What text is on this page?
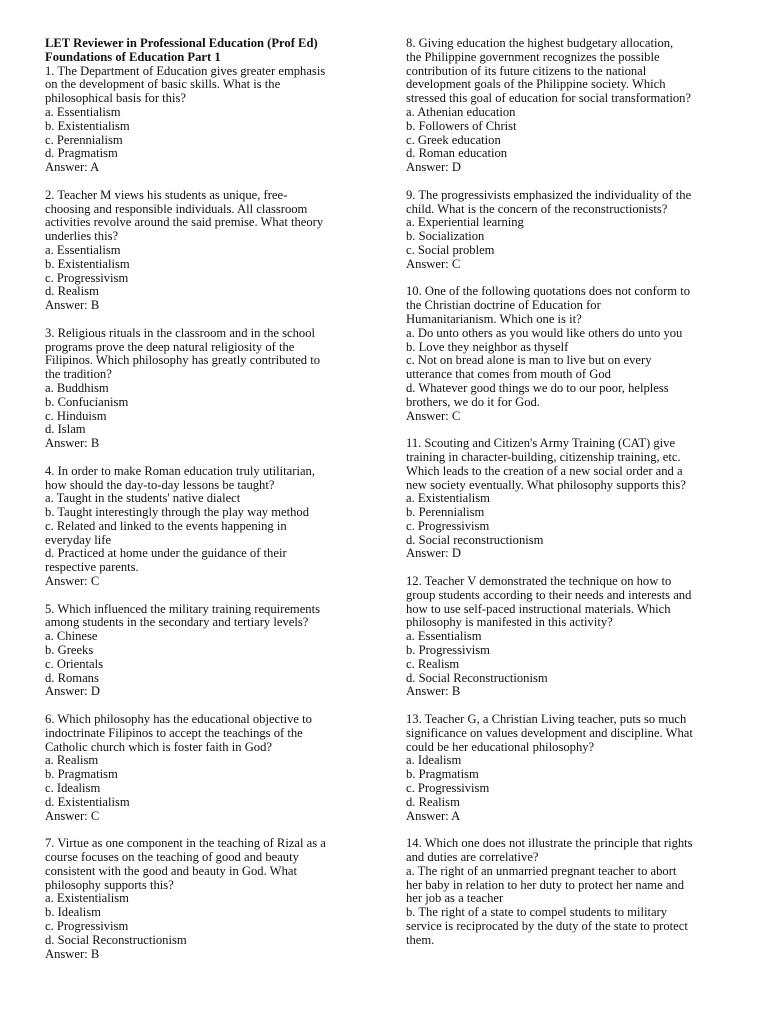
LET Reviewer in Professional Education (Prof Ed)
Foundations of Education Part 1
1. The Department of Education gives greater emphasis
on the development of basic skills. What is the
philosophical basis for this?
a. Essentialism
b. Existentialism
c. Perennialism
d. Pragmatism
Answer: A
2. Teacher M views his students as unique, free-
choosing and responsible individuals. All classroom
activities revolve around the said premise. What theory
underlies this?
a. Essentialism
b. Existentialism
c. Progressivism
d. Realism
Answer: B
3. Religious rituals in the classroom and in the school
programs prove the deep natural religiosity of the
Filipinos. Which philosophy has greatly contributed to
the tradition?
a. Buddhism
b. Confucianism
c. Hinduism
d. Islam
Answer: B
4. In order to make Roman education truly utilitarian,
how should the day-to-day lessons be taught?
a. Taught in the students' native dialect
b. Taught interestingly through the play way method
c. Related and linked to the events happening in
everyday life
d. Practiced at home under the guidance of their
respective parents.
Answer: C
5. Which influenced the military training requirements
among students in the secondary and tertiary levels?
a. Chinese
b. Greeks
c. Orientals
d. Romans
Answer: D
6. Which philosophy has the educational objective to
indoctrinate Filipinos to accept the teachings of the
Catholic church which is foster faith in God?
a. Realism
b. Pragmatism
c. Idealism
d. Existentialism
Answer: C
7. Virtue as one component in the teaching of Rizal as a
course focuses on the teaching of good and beauty
consistent with the good and beauty in God. What
philosophy supports this?
a. Existentialism
b. Idealism
c. Progressivism
d. Social Reconstructionism
Answer: B
8. Giving education the highest budgetary allocation,
the Philippine government recognizes the possible
contribution of its future citizens to the national
development goals of the Philippine society. Which
stressed this goal of education for social transformation?
a. Athenian education
b. Followers of Christ
c. Greek education
d. Roman education
Answer: D
9. The progressivists emphasized the individuality of the
child. What is the concern of the reconstructionists?
a. Experiential learning
b. Socialization
c. Social problem
Answer: C
10. One of the following quotations does not conform to
the Christian doctrine of Education for
Humanitarianism. Which one is it?
a. Do unto others as you would like others do unto you
b. Love they neighbor as thyself
c. Not on bread alone is man to live but on every
utterance that comes from mouth of God
d. Whatever good things we do to our poor, helpless
brothers, we do it for God.
Answer: C
11. Scouting and Citizen's Army Training (CAT) give
training in character-building, citizenship training, etc.
Which leads to the creation of a new social order and a
new society eventually. What philosophy supports this?
a. Existentialism
b. Perennialism
c. Progressivism
d. Social reconstructionism
Answer: D
12. Teacher V demonstrated the technique on how to
group students according to their needs and interests and
how to use self-paced instructional materials. Which
philosophy is manifested in this activity?
a. Essentialism
b. Progressivism
c. Realism
d. Social Reconstructionism
Answer: B
13. Teacher G, a Christian Living teacher, puts so much
significance on values development and discipline. What
could be her educational philosophy?
a. Idealism
b. Pragmatism
c. Progressivism
d. Realism
Answer: A
14. Which one does not illustrate the principle that rights
and duties are correlative?
a. The right of an unmarried pregnant teacher to abort
her baby in relation to her duty to protect her name and
her job as a teacher
b. The right of a state to compel students to military
service is reciprocated by the duty of the state to protect
them.
